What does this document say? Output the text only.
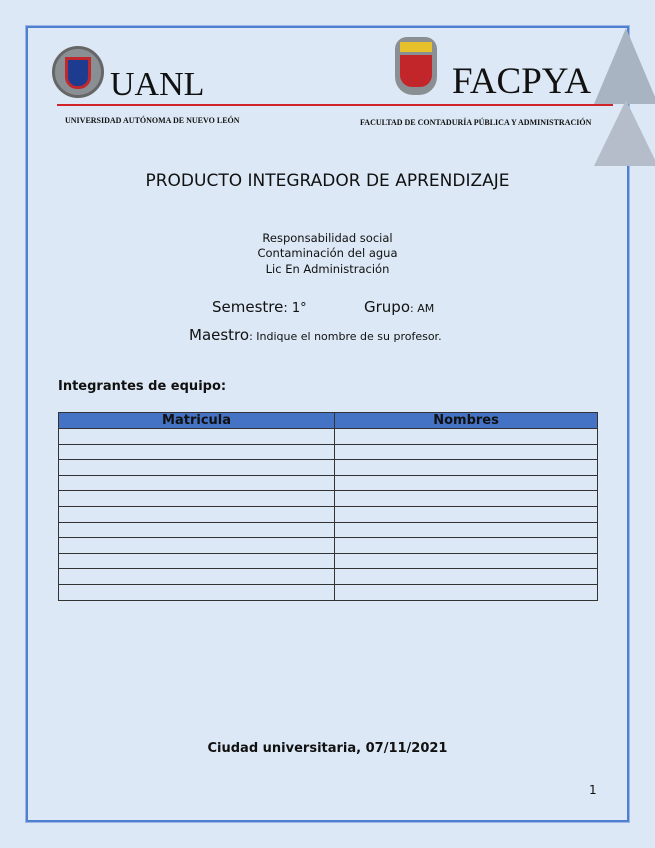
UANL	FACPYA
UNIVERSIDAD AUTÓNOMA DE NUEVO LEÓN	FACULTAD DE CONTADURÍA PÚBLICA Y ADMINISTRACIÓN
PRODUCTO INTEGRADOR DE APRENDIZAJE
Responsabilidad social
Contaminación del agua
Lic En Administración
Semestre: 1°	Grupo: AM
Maestro: Indique el nombre de su profesor.
Integrantes de equipo:
Matricula	Nombres

Ciudad universitaria, 07/11/2021
1
